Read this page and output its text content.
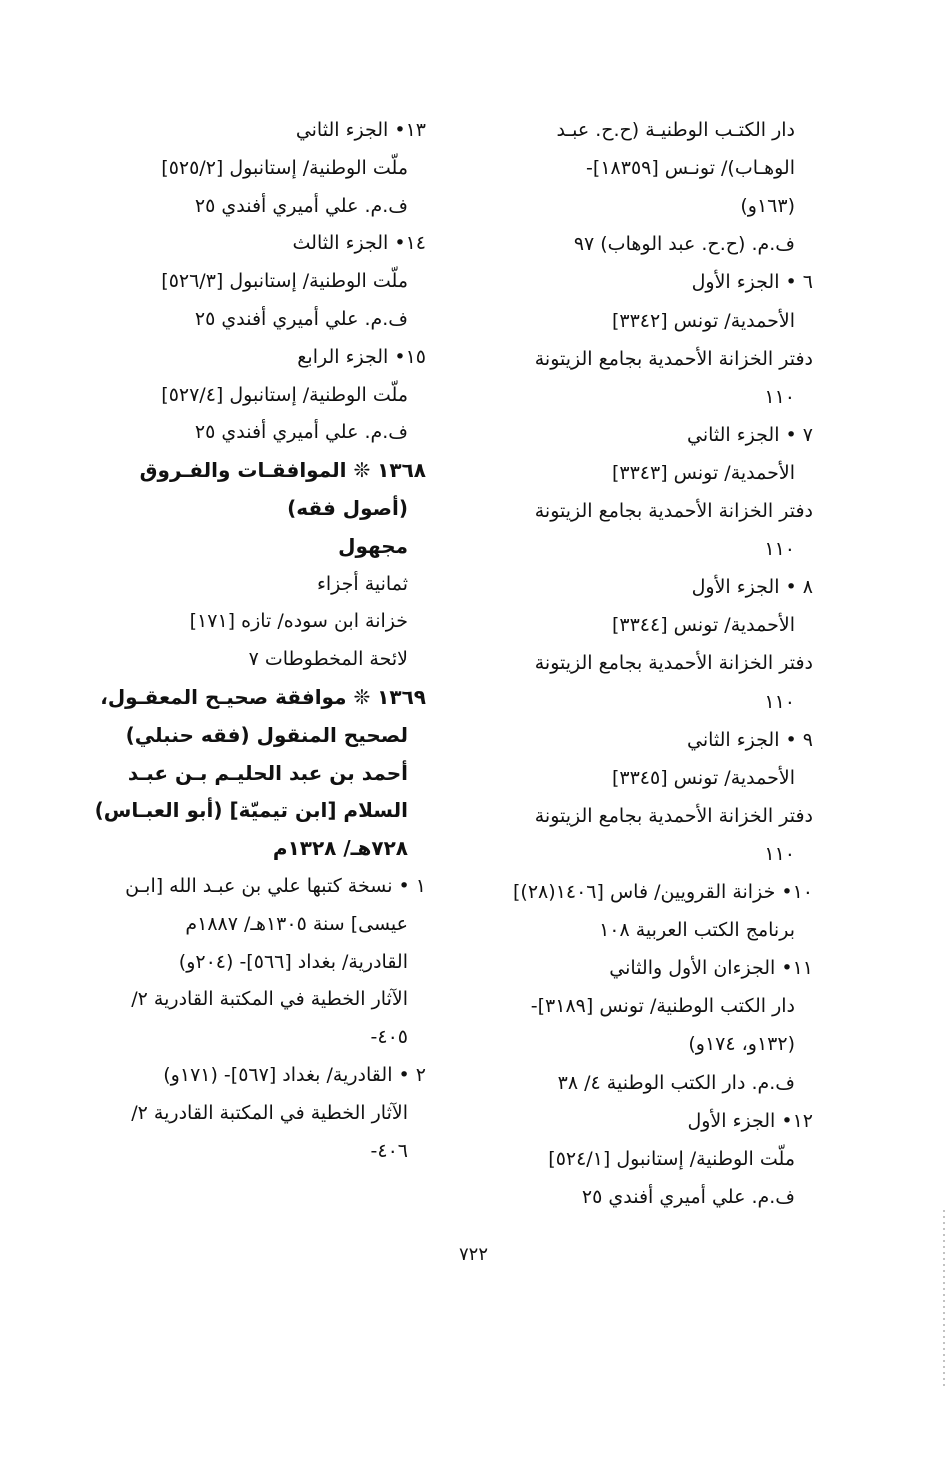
دار الكتـب الوطنيـة (ح.ح. عبـد
الوهـاب)/ تونـس [١٨٣٥٩]-
(١٦٣و)
ف.م. (ح.ح. عبد الوهاب) ٩٧
٦ • الجزء الأول
الأحمدية/ تونس [٣٣٤٢]
دفتر الخزانة الأحمدية بجامع الزيتونة
١١٠
٧ • الجزء الثاني
الأحمدية/ تونس [٣٣٤٣]
دفتر الخزانة الأحمدية بجامع الزيتونة
١١٠
٨ • الجزء الأول
الأحمدية/ تونس [٣٣٤٤]
دفتر الخزانة الأحمدية بجامع الزيتونة
١١٠
٩ • الجزء الثاني
الأحمدية/ تونس [٣٣٤٥]
دفتر الخزانة الأحمدية بجامع الزيتونة
١١٠
١٠• خزانة القرويين/ فاس [١٤٠٦(٢٨)]
برنامج الكتب العربية ١٠٨
١١• الجزءان الأول والثاني
دار الكتب الوطنية/ تونس [٣١٨٩]-
(١٣٢و، ١٧٤و)
ف.م. دار الكتب الوطنية ٤/ ٣٨
١٢• الجزء الأول
ملّت الوطنية/ إستانبول [٥٢٤/١]
ف.م. علي أميري أفندي ٢٥
١٣• الجزء الثاني
ملّت الوطنية/ إستانبول [٥٢٥/٢]
ف.م. علي أميري أفندي ٢٥
١٤• الجزء الثالث
ملّت الوطنية/ إستانبول [٥٢٦/٣]
ف.م. علي أميري أفندي ٢٥
١٥• الجزء الرابع
ملّت الوطنية/ إستانبول [٥٢٧/٤]
ف.م. علي أميري أفندي ٢٥
١٣٦٨ ❊ الموافقـات والفـروق
(أصول فقه)
مجهول
ثمانية أجزاء
خزانة ابن سوده/ تازه [١٧١]
لائحة المخطوطات ٧
١٣٦٩ ❊ موافقة صحيـح المعقـول،
لصحيح المنقول (فقه حنبلي)
أحمد بن عبد الحليـم بـن عبـد
السلام [ابن تيميّة] (أبو العبـاس)
٧٢٨هـ/ ١٣٢٨م
١ • نسخة كتبها علي بن عبـد الله [ابـن
عيسى] سنة ١٣٠٥هـ/ ١٨٨٧م
القادرية/ بغداد [٥٦٦]- (٢٠٤و)
الآثار الخطية في المكتبة القادرية ٢/
٤٠٥-
٢ • القادرية/ بغداد [٥٦٧]- (١٧١و)
الآثار الخطية في المكتبة القادرية ٢/
٤٠٦-
٧٢٢
